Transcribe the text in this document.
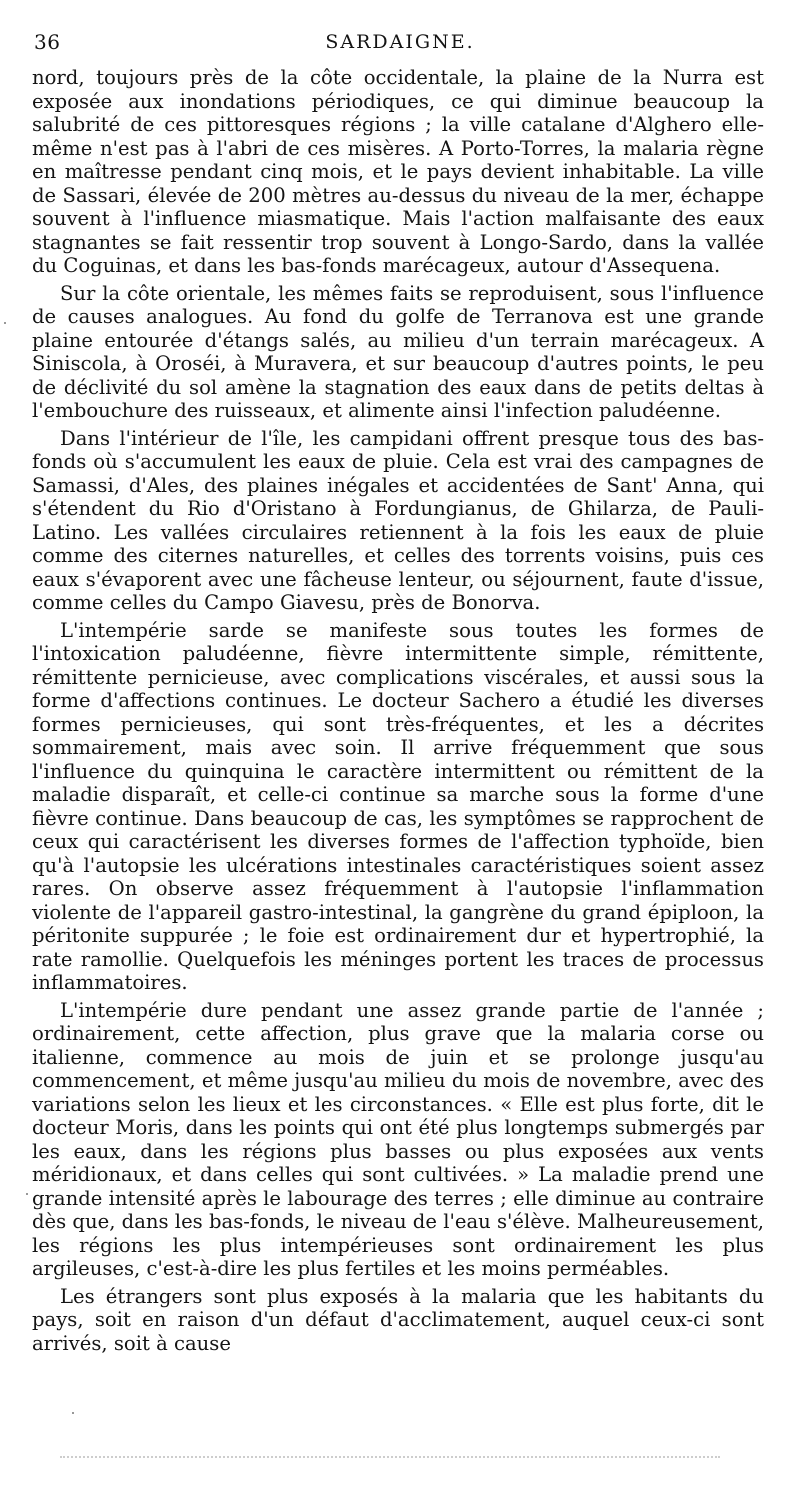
36	SARDAIGNE.

nord, toujours près de la côte occidentale, la plaine de la Nurra est exposée aux inondations périodiques, ce qui diminue beaucoup la salubrité de ces pittoresques régions ; la ville catalane d'Alghero elle-même n'est pas à l'abri de ces misères. A Porto-Torres, la malaria règne en maîtresse pendant cinq mois, et le pays devient inhabitable. La ville de Sassari, élevée de 200 mètres au-dessus du niveau de la mer, échappe souvent à l'influence miasmatique. Mais l'action malfaisante des eaux stagnantes se fait ressentir trop souvent à Longo-Sardo, dans la vallée du Coguinas, et dans les bas-fonds marécageux, autour d'Assequena.

Sur la côte orientale, les mêmes faits se reproduisent, sous l'influence de causes analogues. Au fond du golfe de Terranova est une grande plaine entourée d'étangs salés, au milieu d'un terrain marécageux. A Siniscola, à Oroséi, à Muravera, et sur beaucoup d'autres points, le peu de déclivité du sol amène la stagnation des eaux dans de petits deltas à l'embouchure des ruisseaux, et alimente ainsi l'infection paludéenne.

Dans l'intérieur de l'île, les campidani offrent presque tous des bas-fonds où s'accumulent les eaux de pluie. Cela est vrai des campagnes de Samassi, d'Ales, des plaines inégales et accidentées de Sant' Anna, qui s'étendent du Rio d'Oristano à Fordungianus, de Ghilarza, de Pauli-Latino. Les vallées circulaires retiennent à la fois les eaux de pluie comme des citernes naturelles, et celles des torrents voisins, puis ces eaux s'évaporent avec une fâcheuse lenteur, ou séjournent, faute d'issue, comme celles du Campo Giavesu, près de Bonorva.

L'intempérie sarde se manifeste sous toutes les formes de l'intoxication paludéenne, fièvre intermittente simple, rémittente, rémittente pernicieuse, avec complications viscérales, et aussi sous la forme d'affections continues. Le docteur Sachero a étudié les diverses formes pernicieuses, qui sont très-fréquentes, et les a décrites sommairement, mais avec soin. Il arrive fréquemment que sous l'influence du quinquina le caractère intermittent ou rémittent de la maladie disparaît, et celle-ci continue sa marche sous la forme d'une fièvre continue. Dans beaucoup de cas, les symptômes se rapprochent de ceux qui caractérisent les diverses formes de l'affection typhoïde, bien qu'à l'autopsie les ulcérations intestinales caractéristiques soient assez rares. On observe assez fréquemment à l'autopsie l'inflammation violente de l'appareil gastro-intestinal, la gangrène du grand épiploon, la péritonite suppurée ; le foie est ordinairement dur et hypertrophié, la rate ramollie. Quelquefois les méninges portent les traces de processus inflammatoires.

L'intempérie dure pendant une assez grande partie de l'année ; ordinairement, cette affection, plus grave que la malaria corse ou italienne, commence au mois de juin et se prolonge jusqu'au commencement, et même jusqu'au milieu du mois de novembre, avec des variations selon les lieux et les circonstances. « Elle est plus forte, dit le docteur Moris, dans les points qui ont été plus longtemps submergés par les eaux, dans les régions plus basses ou plus exposées aux vents méridionaux, et dans celles qui sont cultivées. » La maladie prend une grande intensité après le labourage des terres ; elle diminue au contraire dès que, dans les bas-fonds, le niveau de l'eau s'élève. Malheureusement, les régions les plus intempérieuses sont ordinairement les plus argileuses, c'est-à-dire les plus fertiles et les moins perméables.

Les étrangers sont plus exposés à la malaria que les habitants du pays, soit en raison d'un défaut d'acclimatement, auquel ceux-ci sont arrivés, soit à cause
